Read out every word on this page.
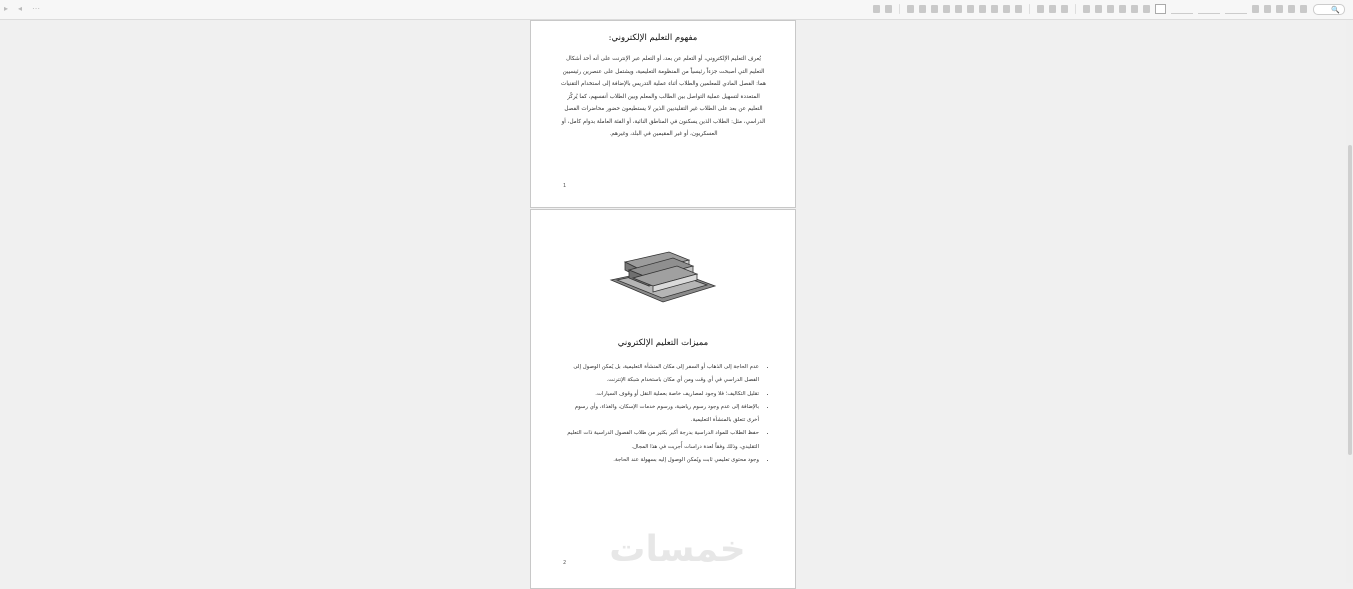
▸ ◂ ⋯	🔍
مفهوم التعليم الإلكتروني:
يُعرف التعليم الإلكتروني، أو التعلم عن بعد، أو التعلم عبر الإنترنت على أنه أحد أشكال التعليم التي أصبحت جزءاً رئيسياً من المنظومة التعليمية، ويشتمل على عنصرين رئيسيين هما: الفصل المادي للمعلمين والطلاب أثناء عملية التدريس بالإضافة إلى استخدام التقنيات المتعددة لتسهيل عملية التواصل بين الطالب والمعلم وبين الطلاب أنفسهم، كما يُركّز التعليم عن بعد على الطلاب غير التقليديين الذين لا يستطيعون حضور محاضرات الفصل الدراسي، مثل: الطلاب الذين يسكنون في المناطق النائية، أو الفئة العاملة بدوام كامل، أو العسكريون، أو غير المقيمين في البلد، وغيرهم.
1
مميزات التعليم الإلكتروني
• عدم الحاجة إلى الذهاب أو السفر إلى مكان المنشأة التعليمية، بل يُمكن الوصول إلى الفصل الدراسي في أي وقت ومن أي مكان باستخدام شبكة الإنترنت.
• تقليل التكاليف؛ فلا وجود لمصاريف خاصة بعملية النقل أو وقوف السيارات.
• بالإضافة إلى عدم وجود رسوم رياضية، ورسوم خدمات الإسكان، والغذاء، وأي رسوم أخرى تتعلق بالمنشأة التعليمية.
• حفظ الطلاب للمواد الدراسية بدرجة أكبر بكثير من طلاب الفصول الدراسية ذات التعليم التقليدي، وذلك وفقاً لعدة دراسات أُجريت في هذا المجال.
• وجود محتوى تعليمي ثابت ويُمكن الوصول إليه بسهولة عند الحاجة.
خمسات
2
